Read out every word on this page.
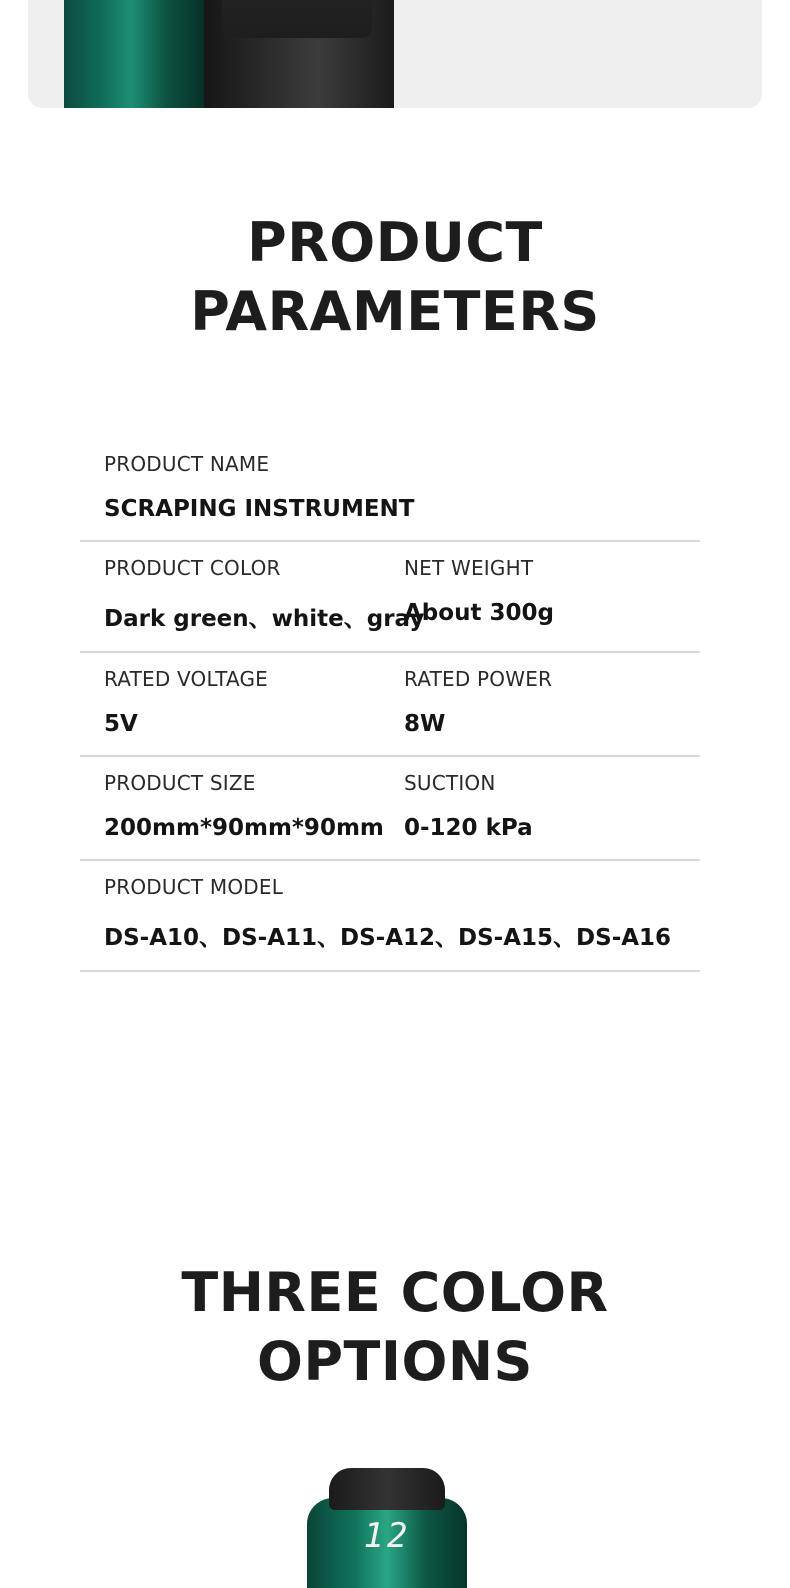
PRODUCT
PARAMETERS
PRODUCT NAME
SCRAPING INSTRUMENT
PRODUCT COLOR
Dark green、white、gray
NET WEIGHT
About 300g
RATED VOLTAGE
5V
RATED POWER
8W
PRODUCT SIZE
200mm*90mm*90mm
SUCTION
0-120 kPa
PRODUCT MODEL
DS-A10、DS-A11、DS-A12、DS-A15、DS-A16
THREE COLOR
OPTIONS
12
